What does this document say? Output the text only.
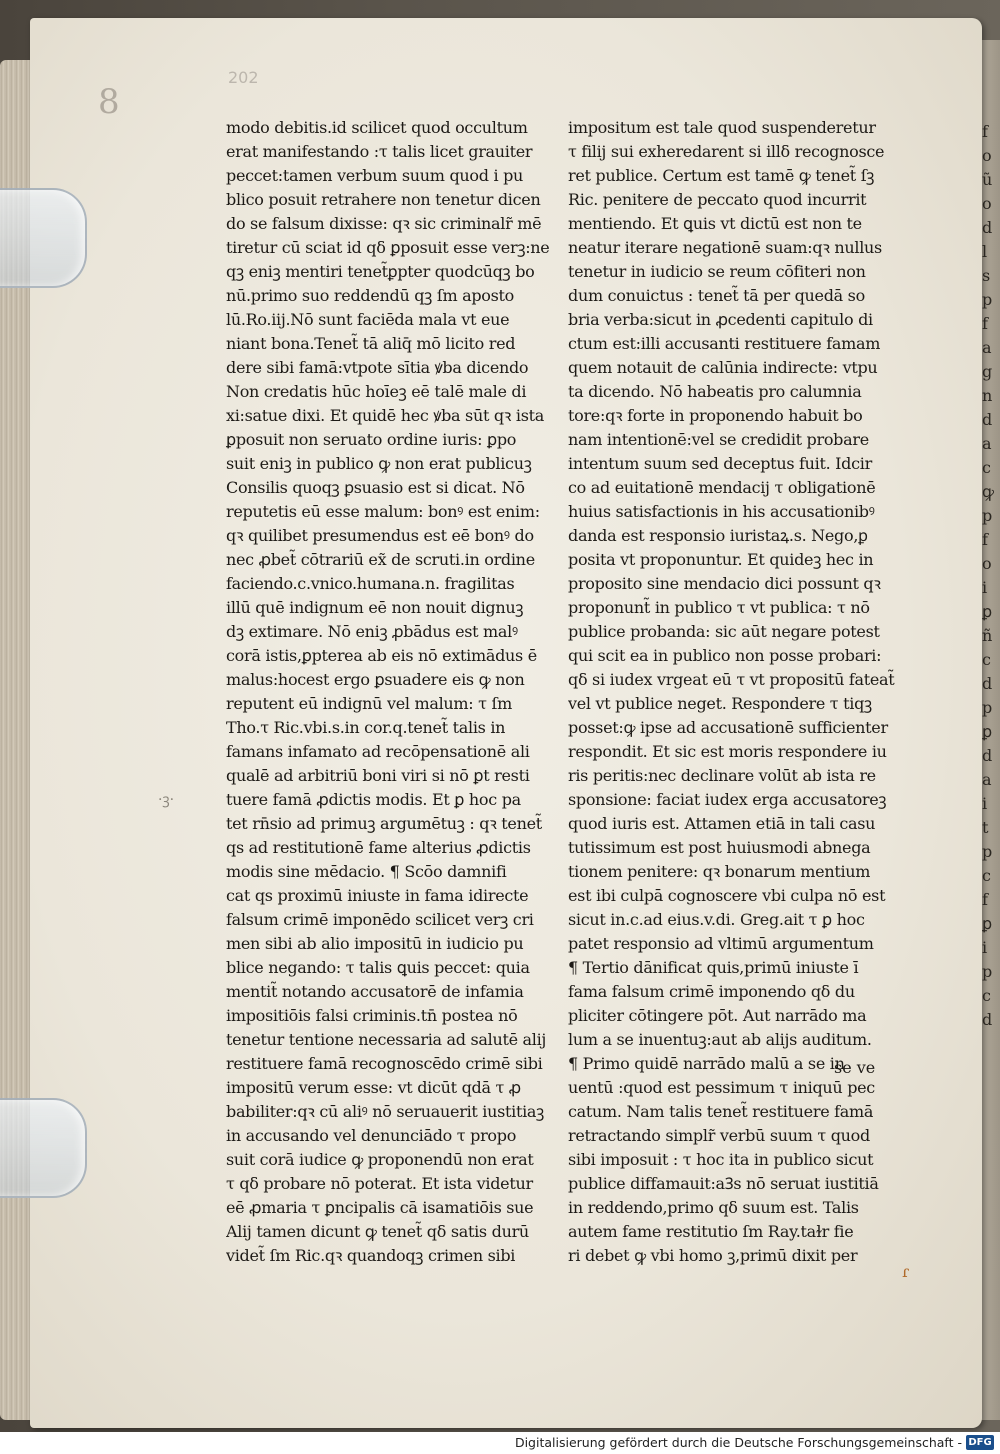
202
8
modo debitis.id scilicet quod occultum
erat manifestando :τ talis licet grauiter
peccet:tamen verbum suum quod i pu
blico posuit retrahere non tenetur dicen
do se falsum dixisse: qꝛ sic criminalr̃ mē
tiretur cū sciat id qδ ꝑposuit esse verꝫ:ne
qꝫ eniꝫ mentiri tenet̃ꝑpter quodcūqꝫ bo
nū.primo suo reddendū qꝫ ſm aposto
lū.Ro.iij.Nō sunt faciēda mala vt eue
niant bona.Tenet̃ tā aliq̄ mō licito red
dere sibi famā:vtpote sītia ꝟba dicendo
Non credatis hūc hoīeꝫ eē talē male di
xi:satue dixi. Et quidē hec ꝟba sūt qꝛ ista
ꝑposuit non seruato ordine iuris: ꝑpo
suit eniꝫ in publico ꝙ non erat publicuꝫ
Consilis quoqꝫ ꝑsuasio est si dicat. Nō
reputetis eū esse malum: bonꝰ est enim:
qꝛ quilibet presumendus est eē bonꝰ do
nec ꝓbet̃ cōtrariū ex̃ de scruti.in ordine
faciendo.c.vnico.humana.n. fragilitas
illū quē indignum eē non nouit dignuꝫ
dꝫ extimare. Nō eniꝫ ꝓbādus est malꝰ
corā istis,ꝑpterea ab eis nō extimādus ē
malus:hocest ergo ꝑsuadere eis ꝙ non
reputent eū indignū vel malum: τ ſm
Tho.τ Ric.vbi.s.in cor.q.tenet̃ talis in
famans infamato ad recōpensationē ali
qualē ad arbitriū boni viri si nō ꝑt resti
tuere famā ꝓdictis modis. Et ꝑ hoc pa
tet rn̄sio ad primuꝫ argumētuꝫ : qꝛ tenet̃
qs ad restitutionē fame alterius ꝓdictis
modis sine mēdacio. ¶ Scōo damnifi
cat qs proximū iniuste in fama idirecte
falsum crimē imponēdo scilicet verꝫ cri
men sibi ab alio impositū in iudicio pu
blice negando: τ talis ꝗuis peccet: quia
mentit̃ notando accusatorē de infamia
impositiōis falsi criminis.tn̄ postea nō
tenetur tentione necessaria ad salutē alij
restituere famā recognoscēdo crimē sibi
impositū verum esse: vt dicūt qdā τ ꝓ
babiliter:qꝛ cū aliꝰ nō seruauerit iustitiaꝫ
in accusando vel denunciādo τ propo
suit corā iudice ꝙ proponendū non erat
τ qδ probare nō poterat. Et ista videtur
eē ꝓmaria τ ꝑncipalis cā isamatiōis sue
Alij tamen dicunt ꝙ tenet̃ qδ satis durū
videt̃ ſm Ric.qꝛ quandoqꝫ crimen sibi
impositum est tale quod suspenderetur
τ filij sui exheredarent si illδ recognosce
ret publice. Certum est tamē ꝙ tenet̃ ſꝫ
Ric. penitere de peccato quod incurrit
mentiendo. Et ꝗuis vt dictū est non te
neatur iterare negationē suam:qꝛ nullus
tenetur in iudicio se reum cōfiteri non
dum conuictus : tenet̃ tā per quedā so
bria verba:sicut in ꝓcedenti capitulo di
ctum est:illi accusanti restituere famam
quem notauit de calūnia indirecte: vtpu
ta dicendo. Nō habeatis pro calumnia
tore:qꝛ forte in proponendo habuit bo
nam intentionē:vel se credidit probare
intentum suum sed deceptus fuit. Idcir
co ad euitationē mendacij τ obligationē
huius satisfactionis in his accusationibꝰ
danda est responsio iuristaꝝ.s. Nego,ꝑ
posita vt proponuntur. Et quideꝫ hec in
proposito sine mendacio dici possunt qꝛ
proponunt̃ in publico τ vt publica: τ nō
publice probanda: sic aūt negare potest
qui scit ea in publico non posse probari:
qδ si iudex vrgeat eū τ vt propositū fateat̃
vel vt publice neget. Respondere τ tiqꝫ
posset:ꝙ ipse ad accusationē sufficienter
respondit. Et sic est moris respondere iu
ris peritis:nec declinare volūt ab ista re
sponsione: faciat iudex erga accusatoreꝫ
quod iuris est. Attamen etiā in tali casu
tutissimum est post huiusmodi abnega
tionem penitere: qꝛ bonarum mentium
est ibi culpā cognoscere vbi culpa nō est
sicut in.c.ad eius.v.di. Greg.ait τ ꝑ hoc
patet responsio ad vltimū argumentum
¶ Tertio dānificat quis,primū iniuste ī
fama falsum crimē imponendo qδ du
pliciter cōtingere pōt. Aut narrādo ma
lum a se inuentuꝫ:aut ab alijs auditum.
¶ Primo quidē narrādo malū a se in
uentū :quod est pessimum τ iniquū pec
catum. Nam talis tenet̃ restituere famā
retractando simplr̃ verbū suum τ quod
sibi imposuit : τ hoc ita in publico sicut
publice diffamauit:aꝪs nō seruat iustitiā
in reddendo,primo qδ suum est. Talis
autem fame restitutio ſm Ray.taɫr fie
ri debet ꝙ vbi homo ꝫ,primū dixit per
f
o
ũ
o
d
l
s
p
f
a
g
n
d
a
c
ꝙ
p
f
o
i
ꝑ
ñ
c
d
p
ꝑ
d
a
i
t
p
c
f
ꝑ
i
p
c
d
se ve
·ꝫ·
ɾ
Digitalisierung gefördert durch die Deutsche Forschungsgemeinschaft - DFG
